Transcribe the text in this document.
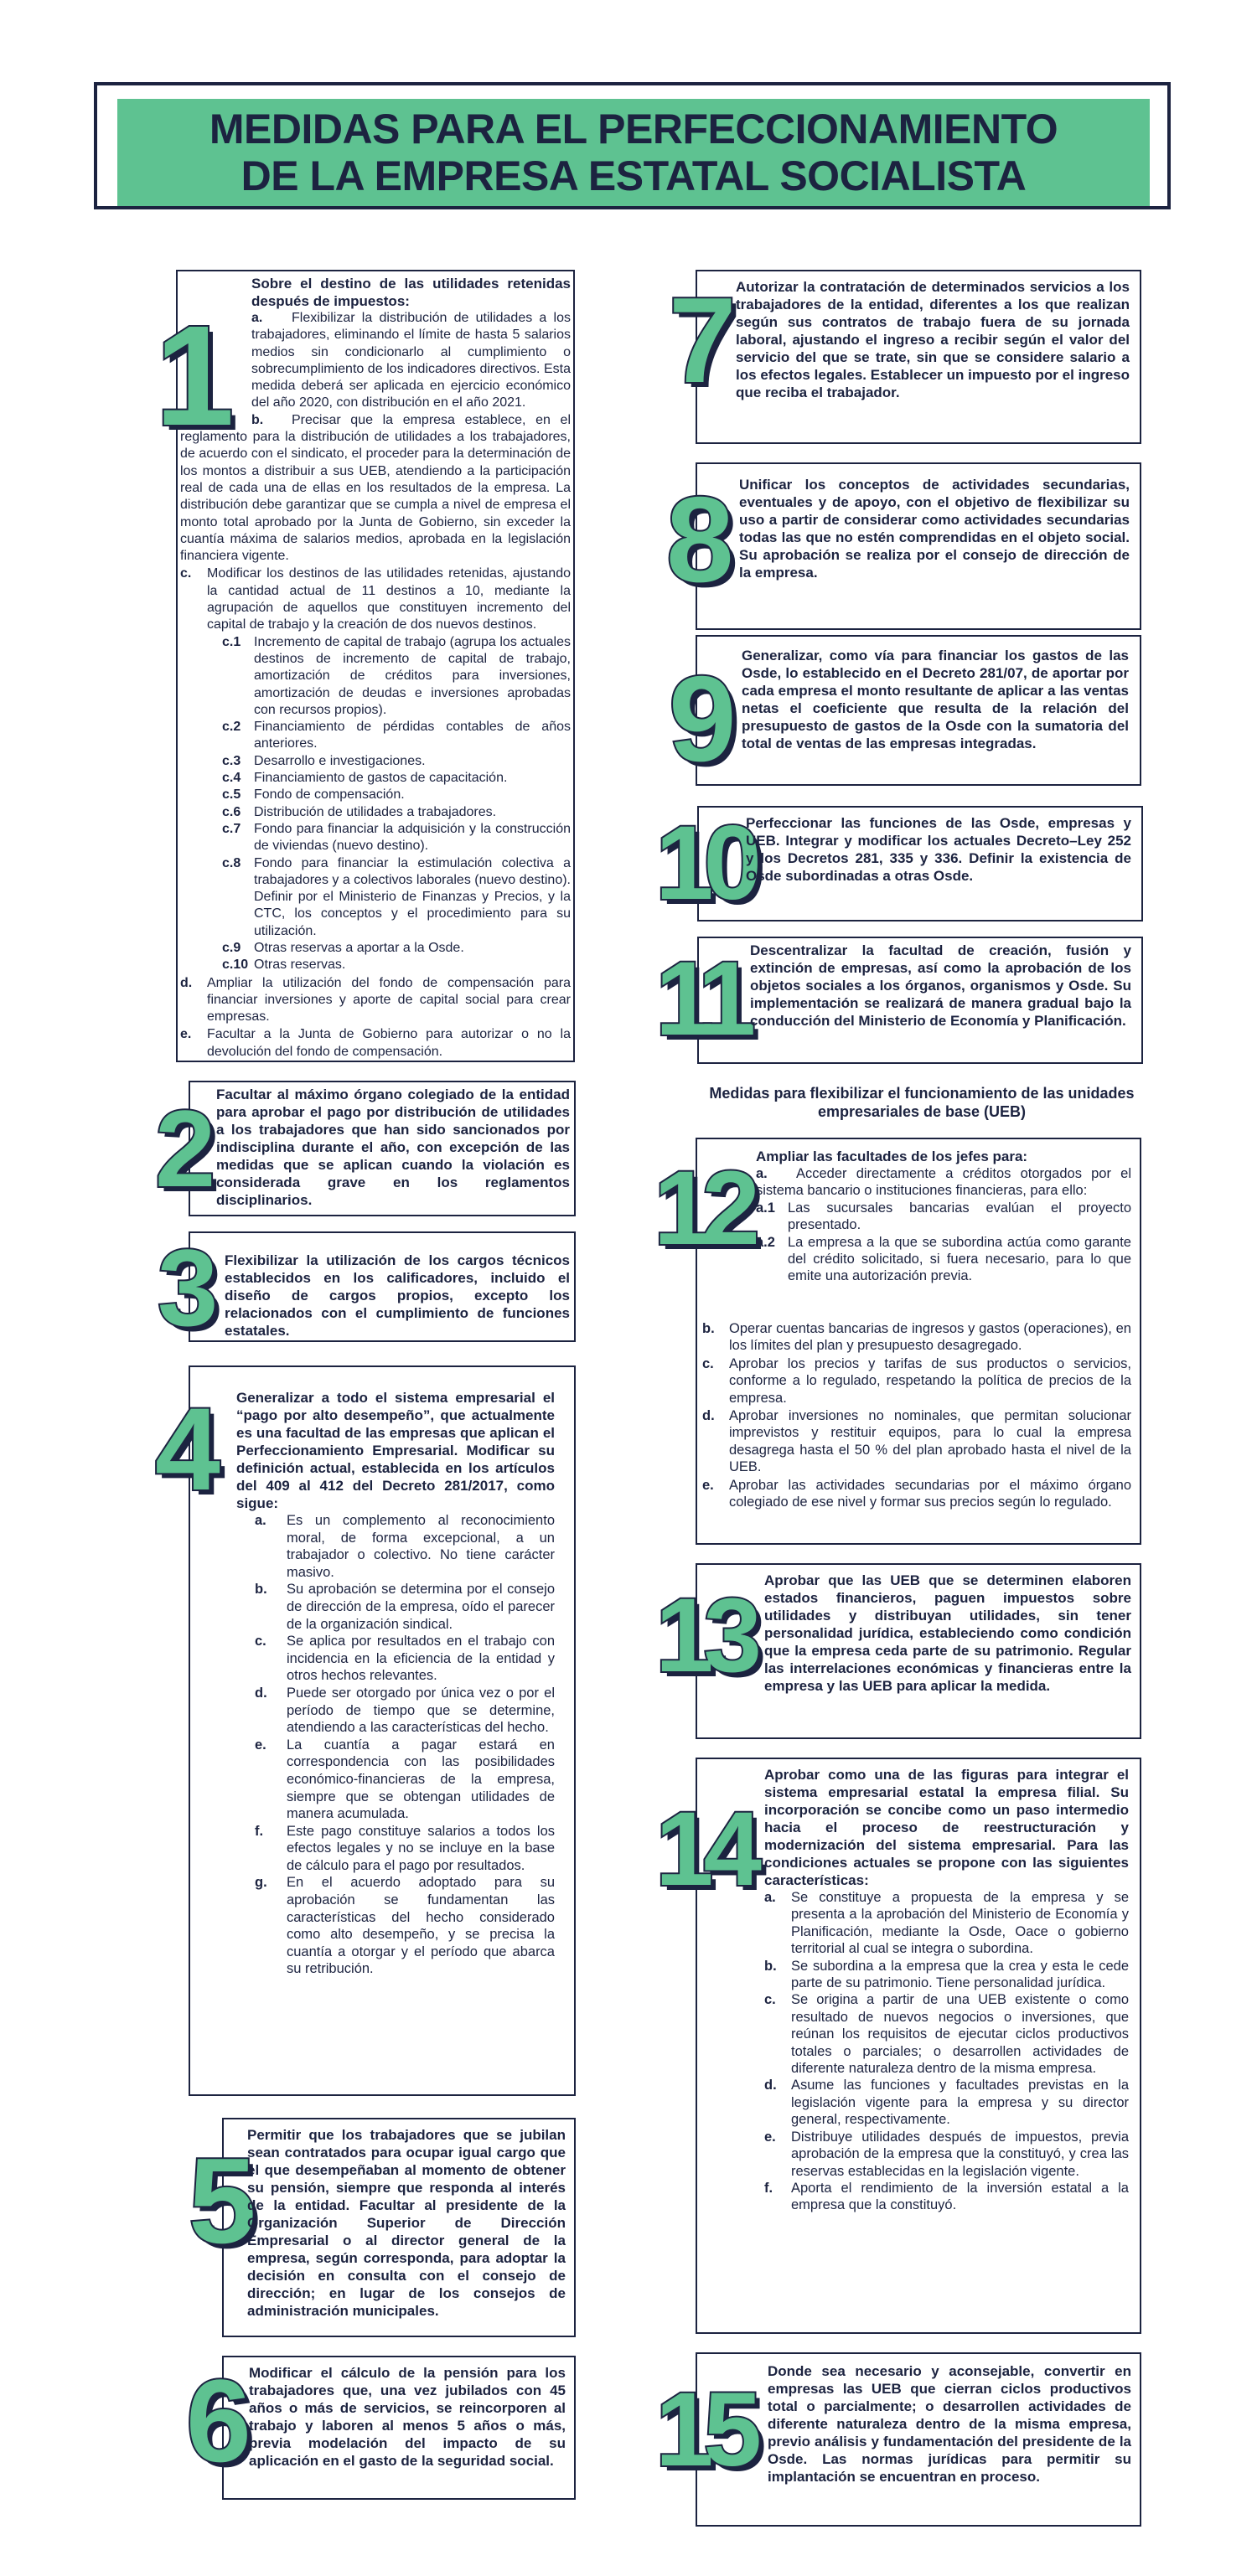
MEDIDAS PARA EL PERFECCIONAMIENTO
DE LA EMPRESA ESTATAL SOCIALISTA
1
Sobre el destino de las utilidades retenidas después de impuestos:
a. Flexibilizar la distribución de utilidades a los trabajadores, eliminando el límite de hasta 5 salarios medios sin condicionarlo al cumplimiento o sobrecumplimiento de los indicadores directivos. Esta medida deberá ser aplicada en ejercicio económico del año 2020, con distribución en el año 2021.
b.	Precisar que la empresa establece, en el reglamento para la distribución de utilidades a los trabajadores, de acuerdo con el sindicato, el proceder para la determinación de los montos a distribuir a sus UEB, atendiendo a la participación real de cada una de ellas en los resultados de la empresa. La distribución debe garantizar que se cumpla a nivel de empresa el monto total aprobado por la Junta de Gobierno, sin exceder la cuantía máxima de salarios medios, aprobada en la legislación financiera vigente.
c.	Modificar los destinos de las utilidades retenidas, ajustando la cantidad actual de 11 destinos a 10, mediante la agrupación de aquellos que constituyen incremento del capital de trabajo y la creación de dos nuevos destinos.
c.1 Incremento de capital de trabajo (agrupa los actuales destinos de incremento de capital de trabajo, amortización de créditos para inversiones, amortización de deudas e inversiones aprobadas con recursos propios).
c.2 Financiamiento de pérdidas contables de años anteriores.
c.3 Desarrollo e investigaciones.
c.4 Financiamiento de gastos de capacitación.
c.5 Fondo de compensación.
c.6 Distribución de utilidades a trabajadores.
c.7 Fondo para financiar la adquisición y la construcción de viviendas (nuevo destino).
c.8 Fondo para financiar la estimulación colectiva a trabajadores y a colectivos laborales (nuevo destino). Definir por el Ministerio de Finanzas y Precios, y la CTC, los conceptos y el procedimiento para su utilización.
c.9 Otras reservas a aportar a la Osde.
c.10 Otras reservas.
d.	Ampliar la utilización del fondo de compensación para financiar inversiones y aporte de capital social para crear empresas.
e.	Facultar a la Junta de Gobierno para autorizar o no la devolución del fondo de compensación.
2 Facultar al máximo órgano colegiado de la entidad para aprobar el pago por distribución de utilidades a los trabajadores que han sido sancionados por indisciplina durante el año, con excepción de las medidas que se aplican cuando la violación es considerada grave en los reglamentos disciplinarios.
3 Flexibilizar la utilización de los cargos técnicos establecidos en los calificadores, incluido el diseño de cargos propios, excepto los relacionados con el cumplimiento de funciones estatales.
4 Generalizar a todo el sistema empresarial el “pago por alto desempeño”, que actualmente es una facultad de las empresas que aplican el Perfeccionamiento Empresarial. Modificar su definición actual, establecida en los artículos del 409 al 412 del Decreto 281/2017, como sigue:
a.	Es un complemento al reconocimiento moral, de forma excepcional, a un trabajador o colectivo. No tiene carácter masivo.
b.	Su aprobación se determina por el consejo de dirección de la empresa, oído el parecer de la organización sindical.
c.	Se aplica por resultados en el trabajo con incidencia en la eficiencia de la entidad y otros hechos relevantes.
d.	Puede ser otorgado por única vez o por el período de tiempo que se determine, atendiendo a las características del hecho.
e.	La cuantía a pagar estará en correspondencia con las posibilidades económico-financieras de la empresa, siempre que se obtengan utilidades de manera acumulada.
f.	Este pago constituye salarios a todos los efectos legales y no se incluye en la base de cálculo para el pago por resultados.
g.	En el acuerdo adoptado para su aprobación se fundamentan las características del hecho considerado como alto desempeño, y se precisa la cuantía a otorgar y el período que abarca su retribución.
5 Permitir que los trabajadores que se jubilan sean contratados para ocupar igual cargo que el que desempeñaban al momento de obtener su pensión, siempre que responda al interés de la entidad. Facultar al presidente de la Organización Superior de Dirección Empresarial o al director general de la empresa, según corresponda, para adoptar la decisión en consulta con el consejo de dirección; en lugar de los consejos de administración municipales.
6 Modificar el cálculo de la pensión para los trabajadores que, una vez jubilados con 45 años o más de servicios, se reincorporen al trabajo y laboren al menos 5 años o más, previa modelación del impacto de su aplicación en el gasto de la seguridad social.
7 Autorizar la contratación de determinados servicios a los trabajadores de la entidad, diferentes a los que realizan según sus contratos de trabajo fuera de su jornada laboral, ajustando el ingreso a recibir según el valor del servicio del que se trate, sin que se considere salario a los efectos legales. Establecer un impuesto por el ingreso que reciba el trabajador.
8 Unificar los conceptos de actividades secundarias, eventuales y de apoyo, con el objetivo de flexibilizar su uso a partir de considerar como actividades secundarias todas las que no estén comprendidas en el objeto social. Su aprobación se realiza por el consejo de dirección de la empresa.
9 Generalizar, como vía para financiar los gastos de las Osde, lo establecido en el Decreto 281/07, de aportar por cada empresa el monto resultante de aplicar a las ventas netas el coeficiente que resulta de la relación del presupuesto de gastos de la Osde con la sumatoria del total de ventas de las empresas integradas.
10
Perfeccionar las funciones de las Osde, empresas y UEB. Integrar y modificar los actuales Decreto–Ley 252 y los Decretos 281, 335 y 336. Definir la existencia de Osde subordinadas a otras Osde.
11 Descentralizar la facultad de creación, fusión y extinción de empresas, así como la aprobación de los objetos sociales a los órganos, organismos y Osde. Su implementación se realizará de manera gradual bajo la conducción del Ministerio de Economía y Planificación.
Medidas para flexibilizar el funcionamiento de las unidades empresariales de base (UEB)
12 Ampliar las facultades de los jefes para:
a. Acceder directamente a créditos otorgados por el sistema bancario o instituciones financieras, para ello:
a.1 Las sucursales bancarias evalúan el proyecto presentado.
a.2 La empresa a la que se subordina actúa como garante del crédito solicitado, si fuera necesario, para lo que emite una autorización previa.
b.	Operar cuentas bancarias de ingresos y gastos (operaciones), en los límites del plan y presupuesto desagregado.
c.	Aprobar los precios y tarifas de sus productos o servicios, conforme a lo regulado, respetando la política de precios de la empresa.
d.	Aprobar inversiones no nominales, que permitan solucionar imprevistos y restituir equipos, para lo cual la empresa desagrega hasta el 50 % del plan aprobado hasta el nivel de la UEB.
e.	Aprobar las actividades secundarias por el máximo órgano colegiado de ese nivel y formar sus precios según lo regulado.
13 Aprobar que las UEB que se determinen elaboren estados financieros, paguen impuestos sobre utilidades y distribuyan utilidades, sin tener personalidad jurídica, estableciendo como condición que la empresa ceda parte de su patrimonio. Regular las interrelaciones económicas y financieras entre la empresa y las UEB para aplicar la medida.
14
Aprobar como una de las figuras para integrar el sistema empresarial estatal la empresa filial. Su incorporación se concibe como un paso intermedio hacia el proceso de reestructuración y modernización del sistema empresarial. Para las condiciones actuales se propone con las siguientes características:
a.	Se constituye a propuesta de la empresa y se presenta a la aprobación del Ministerio de Economía y Planificación, mediante la Osde, Oace o gobierno territorial al cual se integra o subordina.
b.	Se subordina a la empresa que la crea y esta le cede parte de su patrimonio. Tiene personalidad jurídica.
c.	Se origina a partir de una UEB existente o como resultado de nuevos negocios o inversiones, que reúnan los requisitos de ejecutar ciclos productivos totales o parciales; o desarrollen actividades de diferente naturaleza dentro de la misma empresa.
d.	Asume las funciones y facultades previstas en la legislación vigente para la empresa y su director general, respectivamente.
e.	Distribuye utilidades después de impuestos, previa aprobación de la empresa que la constituyó, y crea las reservas establecidas en la legislación vigente.
f.	Aporta el rendimiento de la inversión estatal a la empresa que la constituyó.
15
Donde sea necesario y aconsejable, convertir en empresas las UEB que cierran ciclos productivos total o parcialmente; o desarrollen actividades de diferente naturaleza dentro de la misma empresa, previo análisis y fundamentación del presidente de la Osde. Las normas jurídicas para permitir su implantación se encuentran en proceso.
